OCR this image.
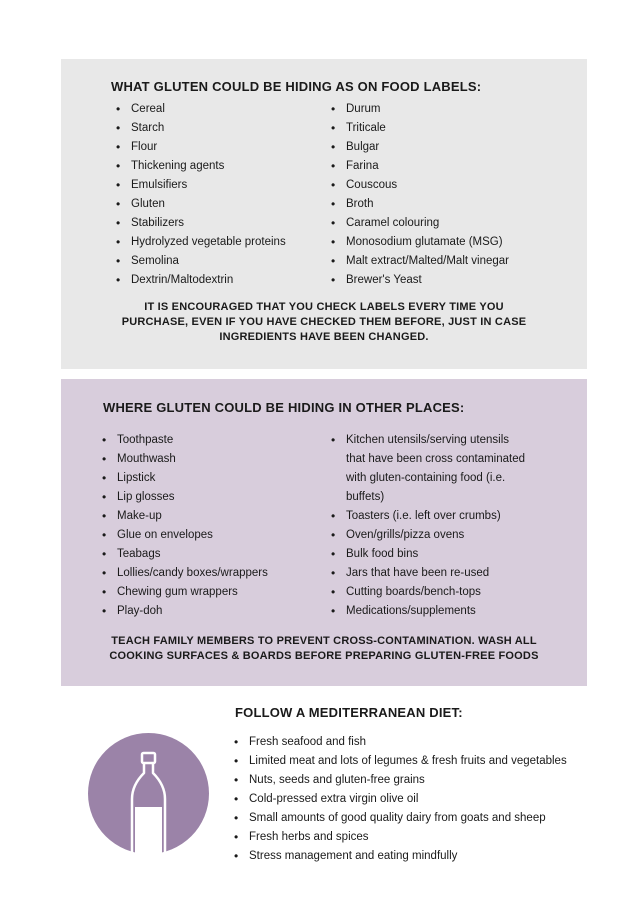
WHAT GLUTEN COULD BE HIDING AS ON FOOD LABELS:
• Cereal
• Starch
• Flour
• Thickening agents
• Emulsifiers
• Gluten
• Stabilizers
• Hydrolyzed vegetable proteins
• Semolina
• Dextrin/Maltodextrin
• Durum
• Triticale
• Bulgar
• Farina
• Couscous
• Broth
• Caramel colouring
• Monosodium glutamate (MSG)
• Malt extract/Malted/Malt vinegar
• Brewer's Yeast
IT IS ENCOURAGED THAT YOU CHECK LABELS EVERY TIME YOU
PURCHASE, EVEN IF YOU HAVE CHECKED THEM BEFORE, JUST IN CASE
INGREDIENTS HAVE BEEN CHANGED.
WHERE GLUTEN COULD BE HIDING IN OTHER PLACES:
• Toothpaste
• Mouthwash
• Lipstick
• Lip glosses
• Make-up
• Glue on envelopes
• Teabags
• Lollies/candy boxes/wrappers
• Chewing gum wrappers
• Play-doh
• Kitchen utensils/serving utensils that have been cross contaminated with gluten-containing food (i.e. buffets)
• Toasters (i.e. left over crumbs)
• Oven/grills/pizza ovens
• Bulk food bins
• Jars that have been re-used
• Cutting boards/bench-tops
• Medications/supplements
TEACH FAMILY MEMBERS TO PREVENT CROSS-CONTAMINATION. WASH ALL
COOKING SURFACES & BOARDS BEFORE PREPARING GLUTEN-FREE FOODS
FOLLOW A MEDITERRANEAN DIET:
• Fresh seafood and fish
• Limited meat and lots of legumes & fresh fruits and vegetables
• Nuts, seeds and gluten-free grains
• Cold-pressed extra virgin olive oil
• Small amounts of good quality dairy from goats and sheep
• Fresh herbs and spices
• Stress management and eating mindfully
